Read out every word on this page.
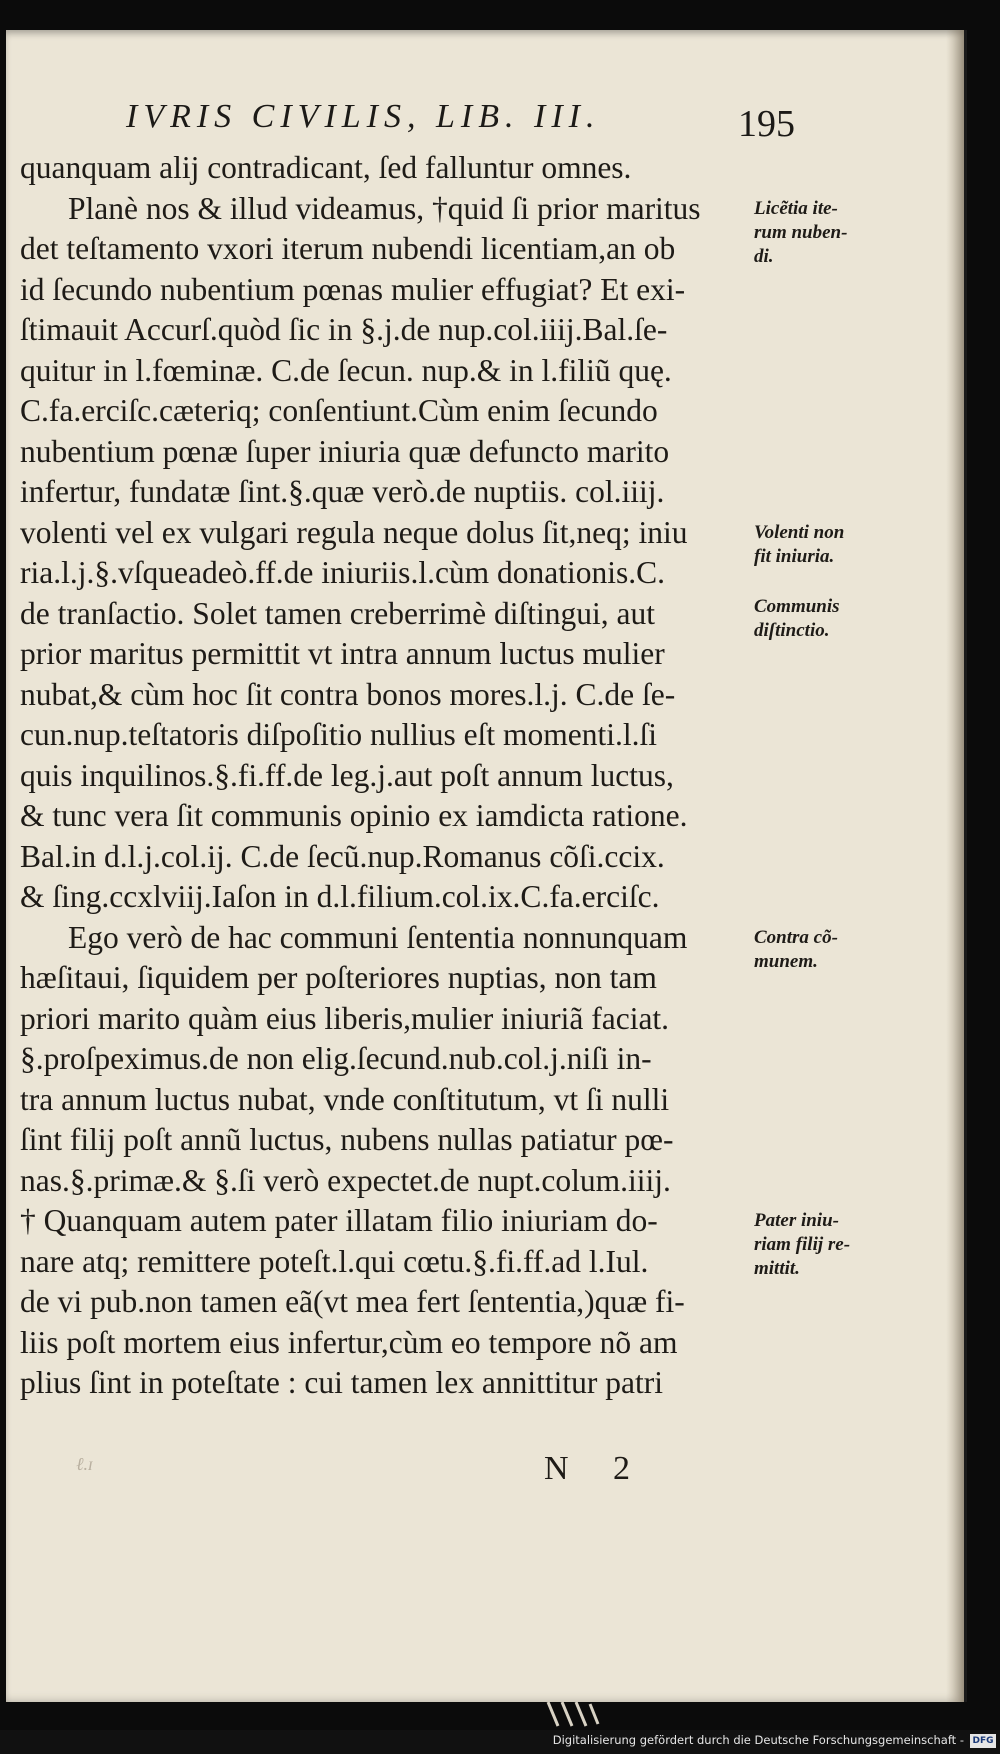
IVRIS CIVILIS, LIB. III.	195
quanquam alij contradicant, ſed falluntur omnes.
Planè nos & illud videamus, †quid ſi prior maritus
det teſtamento vxori iterum nubendi licentiam,an ob
id ſecundo nubentium pœnas mulier effugiat? Et exi-
ſtimauit Accurſ.quòd ſic in §.j.de nup.col.iiij.Bal.ſe-
quitur in l.fœminæ. C.de ſecun. nup.& in l.filiũ quę.
C.fa.erciſc.cæteriq; conſentiunt.Cùm enim ſecundo
nubentium pœnæ ſuper iniuria quæ defuncto marito
infertur, fundatæ ſint.§.quæ verò.de nuptiis. col.iiij.
volenti vel ex vulgari regula neque dolus ſit,neq; iniu
ria.l.j.§.vſqueadeò.ff.de iniuriis.l.cùm donationis.C.
de tranſactio. Solet tamen creberrimè diſtingui, aut
prior maritus permittit vt intra annum luctus mulier
nubat,& cùm hoc ſit contra bonos mores.l.j. C.de ſe-
cun.nup.teſtatoris diſpoſitio nullius eſt momenti.l.ſi
quis inquilinos.§.fi.ff.de leg.j.aut poſt annum luctus,
& tunc vera ſit communis opinio ex iamdicta ratione.
Bal.in d.l.j.col.ij. C.de ſecũ.nup.Romanus cõſi.ccix.
& ſing.ccxlviij.Iaſon in d.l.filium.col.ix.C.fa.erciſc.
Ego verò de hac communi ſententia nonnunquam
hæſitaui, ſiquidem per poſteriores nuptias, non tam
priori marito quàm eius liberis,mulier iniuriã faciat.
§.proſpeximus.de non elig.ſecund.nub.col.j.niſi in-
tra annum luctus nubat, vnde conſtitutum, vt ſi nulli
ſint filij poſt annũ luctus, nubens nullas patiatur pœ-
nas.§.primæ.& §.ſi verò expectet.de nupt.colum.iiij.
† Quanquam autem pater illatam filio iniuriam do-
nare atq; remittere poteſt.l.qui cœtu.§.fi.ff.ad l.Iul.
de vi pub.non tamen eã(vt mea fert ſententia,)quæ fi-
liis poſt mortem eius infertur,cùm eo tempore nõ am
plius ſint in poteſtate : cui tamen lex annittitur patri
Licẽtia ite-
rum nuben-
di.
Volenti non
fit iniuria.
Communis
diſtinctio.
Contra cõ-
munem.
Pater iniu-
riam filij re-
mittit.
ℓ.ɪ	N 2
Digitalisierung gefördert durch die Deutsche Forschungsgemeinschaft - DFG
